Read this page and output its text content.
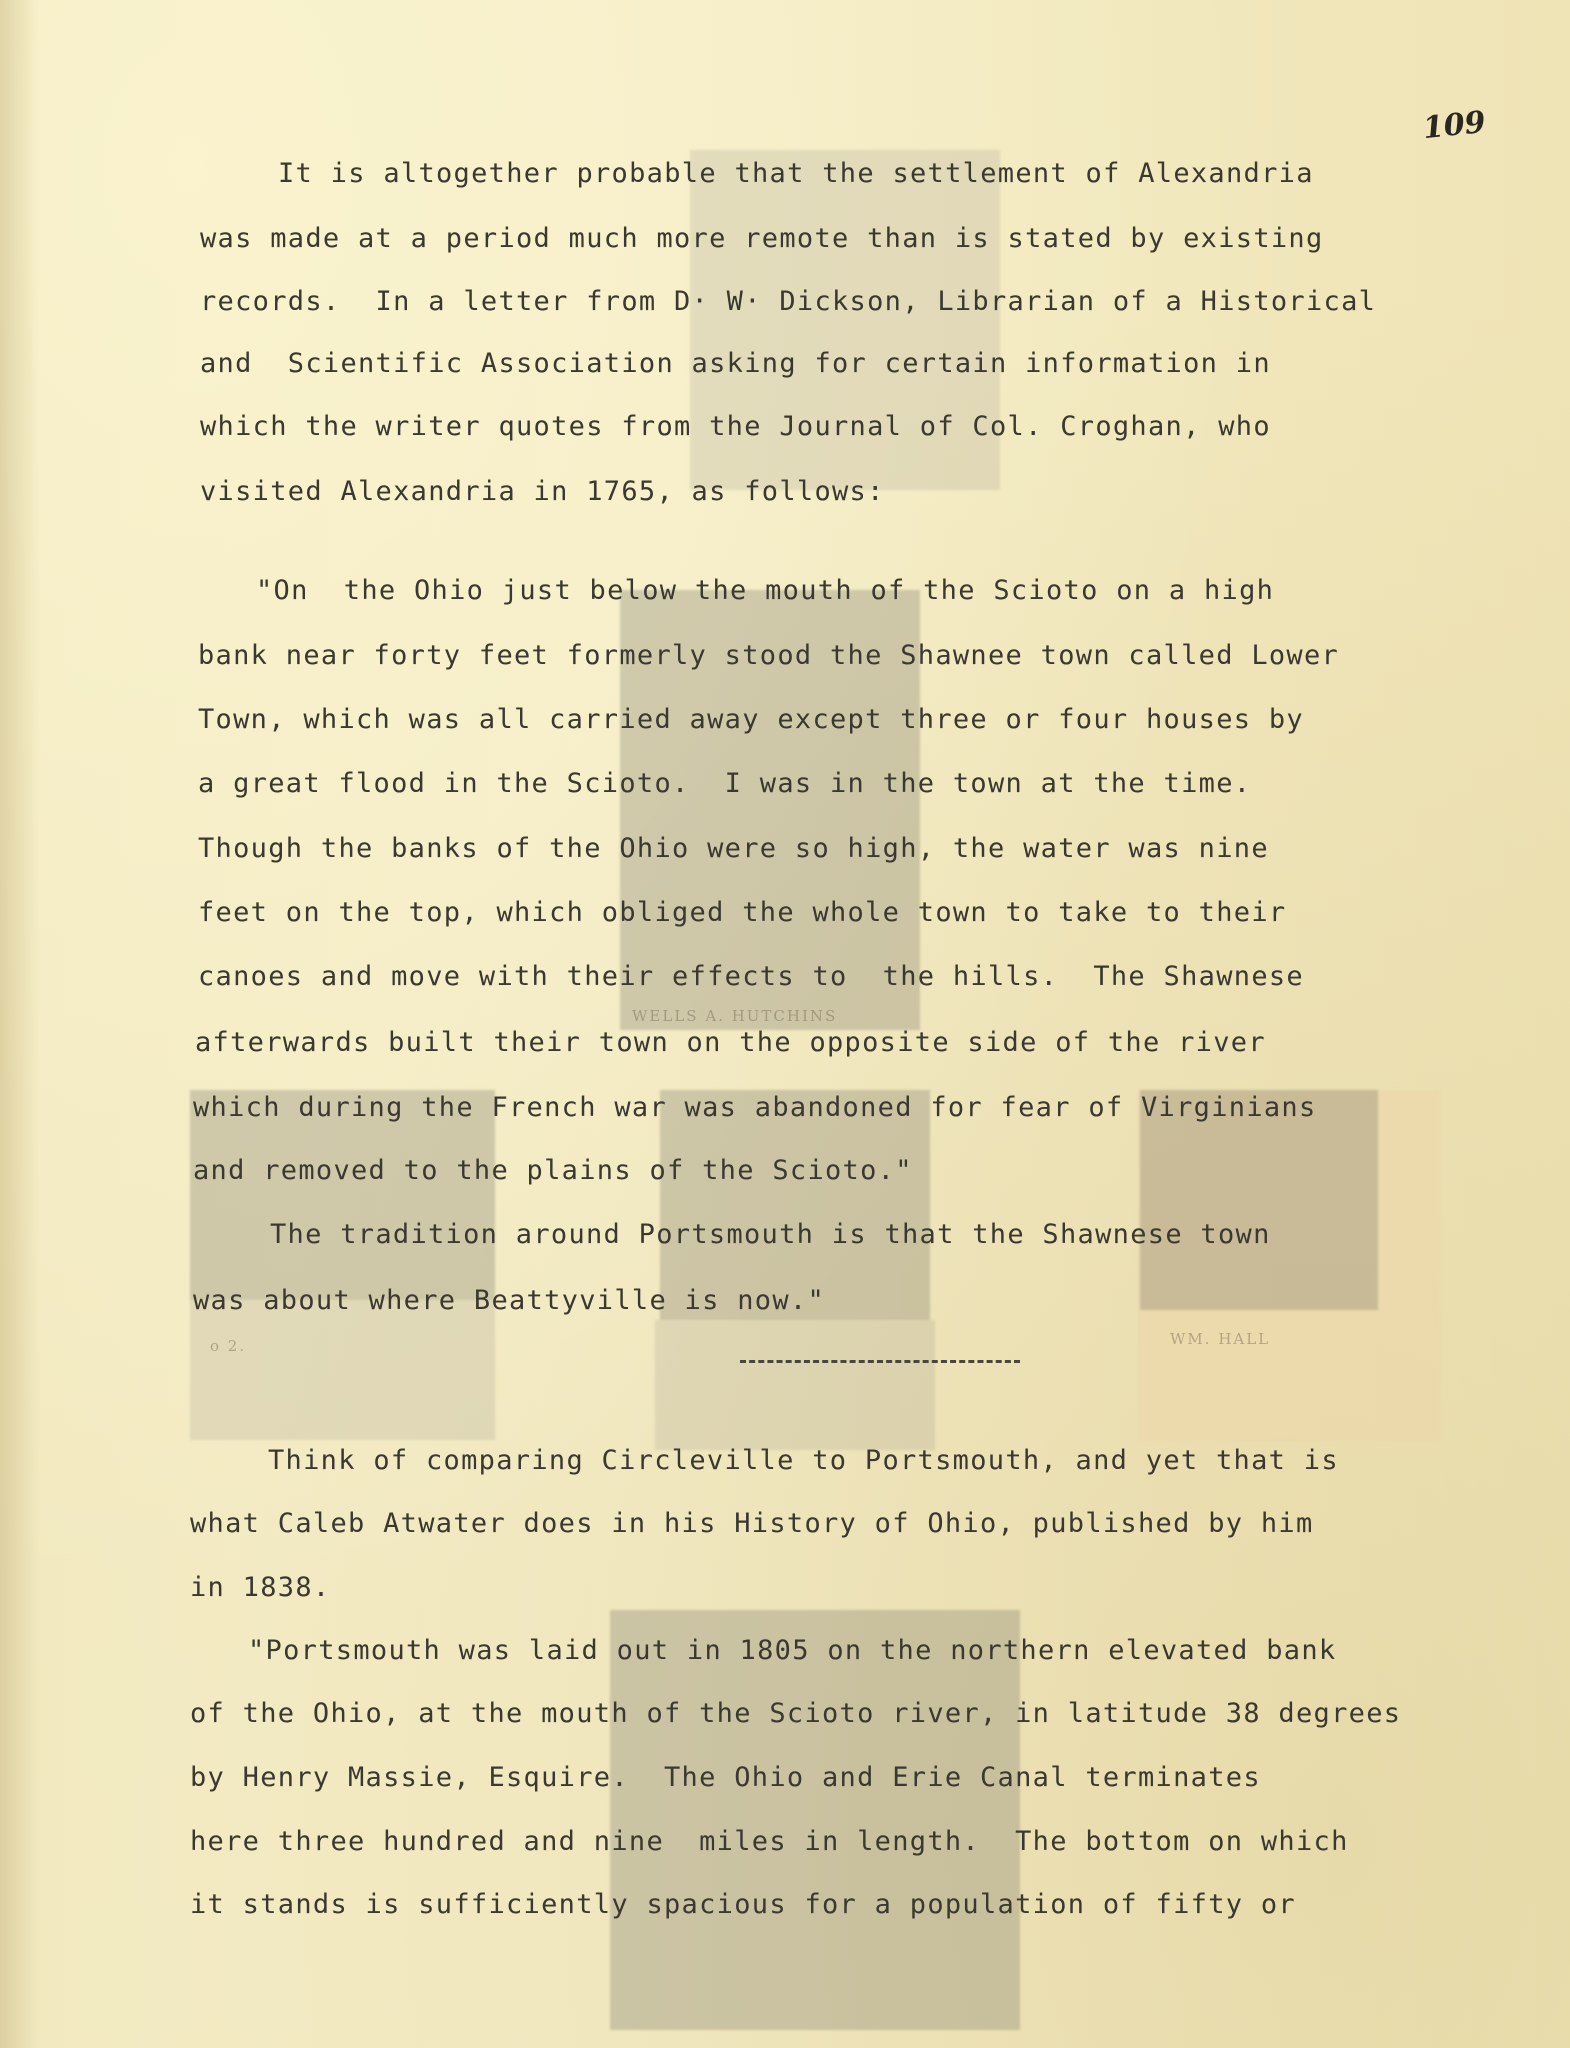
WELLS A. HUTCHINS
WM. HALL
o 2.
109
It is altogether probable that the settlement of Alexandria
was made at a period much more remote than is stated by existing
records.  In a letter from D· W· Dickson, Librarian of a Historical
and  Scientific Association asking for certain information in
which the writer quotes from the Journal of Col. Croghan, who
visited Alexandria in 1765, as follows:
"On  the Ohio just below the mouth of the Scioto on a high
bank near forty feet formerly stood the Shawnee town called Lower
Town, which was all carried away except three or four houses by
a great flood in the Scioto.  I was in the town at the time.
Though the banks of the Ohio were so high, the water was nine
feet on the top, which obliged the whole town to take to their
canoes and move with their effects to  the hills.  The Shawnese
afterwards built their town on the opposite side of the river
which during the French war was abandoned for fear of Virginians
and removed to the plains of the Scioto."
The tradition around Portsmouth is that the Shawnese town
was about where Beattyville is now."
Think of comparing Circleville to Portsmouth, and yet that is
what Caleb Atwater does in his History of Ohio, published by him
in 1838.
"Portsmouth was laid out in 1805 on the northern elevated bank
of the Ohio, at the mouth of the Scioto river, in latitude 38 degrees
by Henry Massie, Esquire.  The Ohio and Erie Canal terminates
here three hundred and nine  miles in length.  The bottom on which
it stands is sufficiently spacious for a population of fifty or
